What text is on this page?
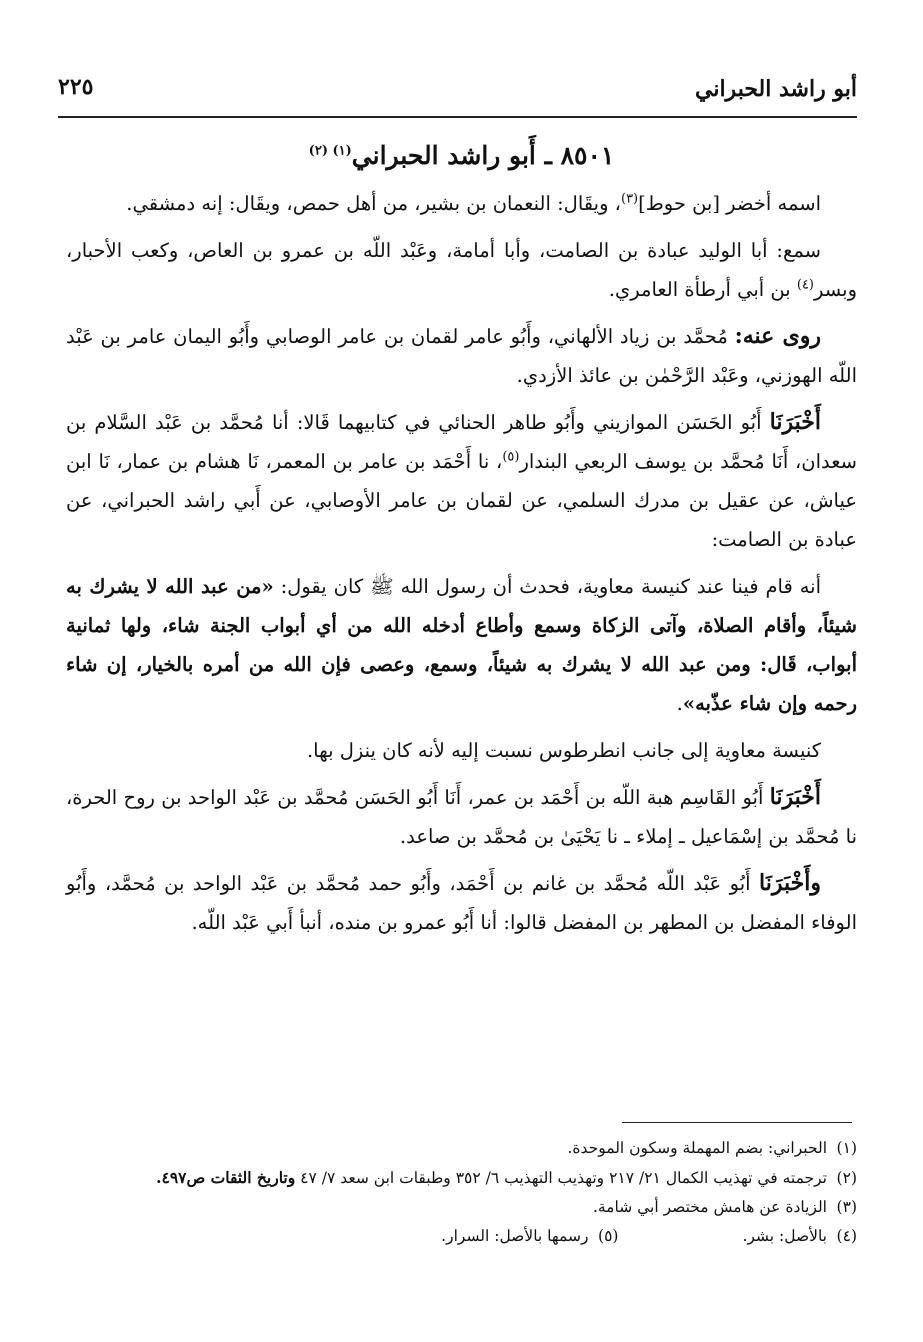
أبو راشد الحبراني
٢٢٥
٨٥٠١ ـ أَبو راشد الحبراني$^{(١) (٢)}$

اسمه أخضر [بن حوط]$^{(٣)}$، ويقَال: النعمان بن بشير، من أهل حمص، ويقَال: إنه دمشقي.

سمع: أبا الوليد عبادة بن الصامت، وأبا أمامة، وعَبْد اللّه بن عمرو بن العاص، وكعب الأحبار، وبسر$^{(٤)}$ بن أبي أرطأة العامري.

روى عنه: مُحمَّد بن زياد الألهاني، وأَبُو عامر لقمان بن عامر الوصابي وأَبُو اليمان عامر بن عَبْد اللّه الهوزني، وعَبْد الرَّحْمٰن بن عائذ الأزدي.

أَخْبَرَنَا أَبُو الحَسَن الموازيني وأَبُو طاهر الحنائي في كتابيهما قَالا: أنا مُحمَّد بن عَبْد السَّلام بن سعدان، أَنَا مُحمَّد بن يوسف الربعي البندار$^{(٥)}$، نا أَحْمَد بن عامر بن المعمر، نَا هشام بن عمار، نَا ابن عياش، عن عقيل بن مدرك السلمي، عن لقمان بن عامر الأوصابي، عن أَبي راشد الحبراني، عن عبادة بن الصامت:

أنه قام فينا عند كنيسة معاوية، فحدث أن رسول الله ﷺ كان يقول: «من عبد الله لا يشرك به شيئاً، وأقام الصلاة، وآتى الزكاة وسمع وأطاع أدخله الله من أي أبواب الجنة شاء، ولها ثمانية أبواب، قَال: ومن عبد الله لا يشرك به شيئاً، وسمع، وعصى فإن الله من أمره بالخيار، إن شاء رحمه وإن شاء عذّبه».

كنيسة معاوية إلى جانب انطرطوس نسبت إليه لأنه كان ينزل بها.

أَخْبَرَنَا أَبُو القَاسِم هبة اللّه بن أَحْمَد بن عمر، أَنَا أَبُو الحَسَن مُحمَّد بن عَبْد الواحد بن روح الحرة، نا مُحمَّد بن إسْمَاعيل ـ إملاء ـ نا يَحْيَىٰ بن مُحمَّد بن صاعد.

وأَخْبَرَنَا أَبُو عَبْد اللّه مُحمَّد بن غانم بن أَحْمَد، وأَبُو حمد مُحمَّد بن عَبْد الواحد بن مُحمَّد، وأَبُو الوفاء المفضل بن المطهر بن المفضل قالوا: أنا أَبُو عمرو بن منده، أنبأ أَبي عَبْد اللّه.

(١)الحبراني: بضم المهملة وسكون الموحدة.
(٢)ترجمته في تهذيب الكمال ٢١/ ٢١٧ وتهذيب التهذيب ٦/ ٣٥٢ وطبقات ابن سعد ٧/ ٤٧ وتاريخ الثقات ص٤٩٧.
(٣)الزيادة عن هامش مختصر أبي شامة.
(٤)بالأصل: بشر.
(٥)رسمها بالأصل: السرار.
